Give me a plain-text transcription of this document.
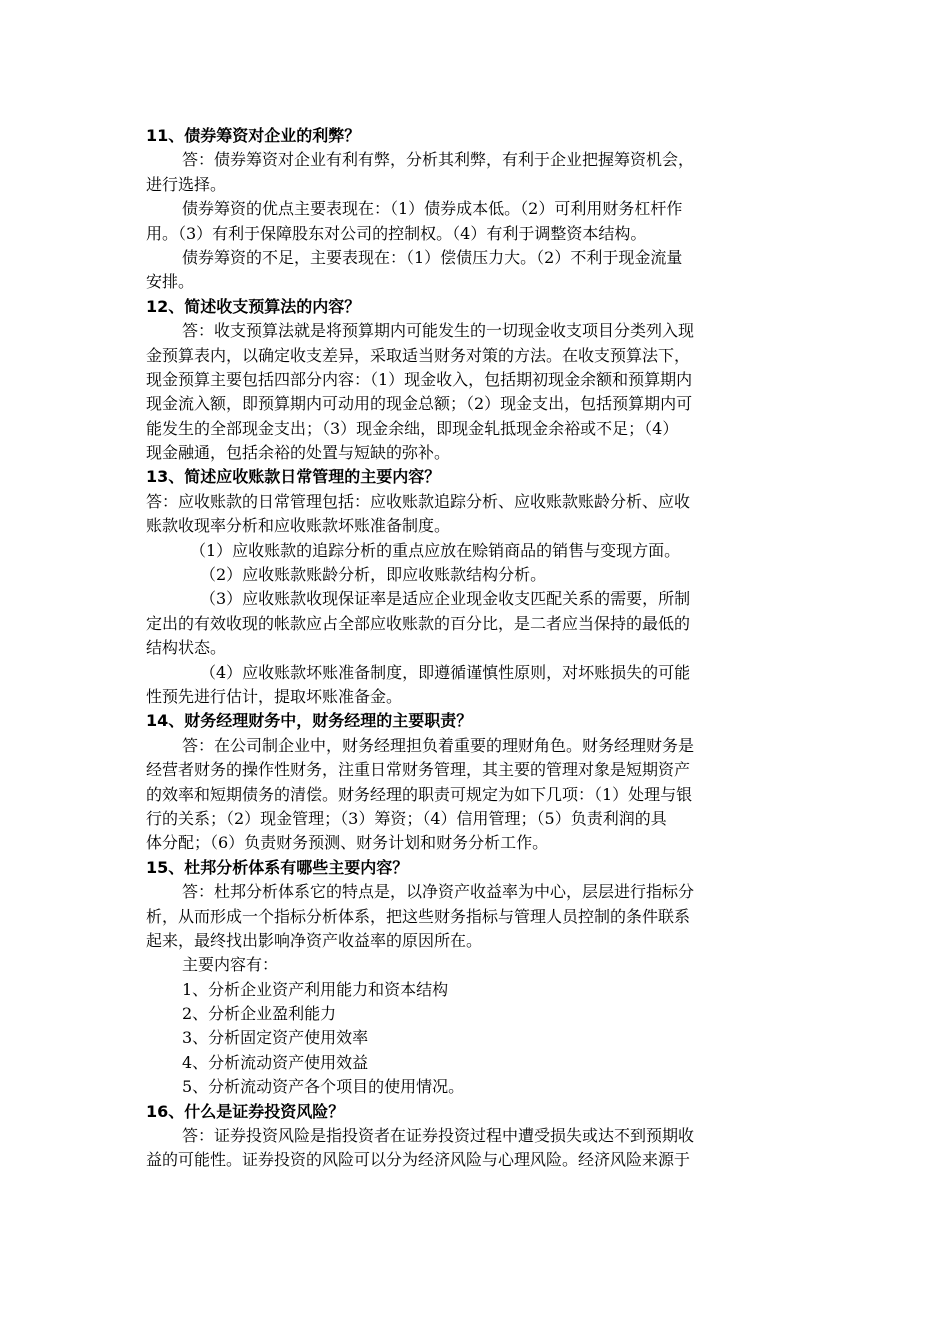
11、债券筹资对企业的利弊？
答：债券筹资对企业有利有弊，分析其利弊，有利于企业把握筹资机会，
进行选择。
债券筹资的优点主要表现在：（1）债券成本低。（2）可利用财务杠杆作
用。（3）有利于保障股东对公司的控制权。（4）有利于调整资本结构。
债券筹资的不足，主要表现在：（1）偿债压力大。（2）不利于现金流量
安排。
12、简述收支预算法的内容？
答：收支预算法就是将预算期内可能发生的一切现金收支项目分类列入现
金预算表内，以确定收支差异，采取适当财务对策的方法。在收支预算法下，
现金预算主要包括四部分内容：（1）现金收入，包括期初现金余额和预算期内
现金流入额，即预算期内可动用的现金总额；（2）现金支出，包括预算期内可
能发生的全部现金支出；（3）现金余绌，即现金轧抵现金余裕或不足；（4）
现金融通，包括余裕的处置与短缺的弥补。
13、简述应收账款日常管理的主要内容？
答：应收账款的日常管理包括：应收账款追踪分析、应收账款账龄分析、应收
账款收现率分析和应收账款坏账准备制度。
（1）应收账款的追踪分析的重点应放在赊销商品的销售与变现方面。
（2）应收账款账龄分析，即应收账款结构分析。
（3）应收账款收现保证率是适应企业现金收支匹配关系的需要，所制
定出的有效收现的帐款应占全部应收账款的百分比，是二者应当保持的最低的
结构状态。
（4）应收账款坏账准备制度，即遵循谨慎性原则，对坏账损失的可能
性预先进行估计，提取坏账准备金。
14、财务经理财务中，财务经理的主要职责？
答：在公司制企业中，财务经理担负着重要的理财角色。财务经理财务是
经营者财务的操作性财务，注重日常财务管理，其主要的管理对象是短期资产
的效率和短期债务的清偿。财务经理的职责可规定为如下几项：（1）处理与银
行的关系；（2）现金管理；（3）筹资；（4）信用管理；（5）负责利润的具
体分配；（6）负责财务预测、财务计划和财务分析工作。
15、杜邦分析体系有哪些主要内容？
答：杜邦分析体系它的特点是，以净资产收益率为中心，层层进行指标分
析，从而形成一个指标分析体系，把这些财务指标与管理人员控制的条件联系
起来，最终找出影响净资产收益率的原因所在。
主要内容有：
1、分析企业资产利用能力和资本结构
2、分析企业盈利能力
3、分析固定资产使用效率
4、分析流动资产使用效益
5、分析流动资产各个项目的使用情况。
16、什么是证券投资风险？
答：证券投资风险是指投资者在证券投资过程中遭受损失或达不到预期收
益的可能性。证券投资的风险可以分为经济风险与心理风险。经济风险来源于
